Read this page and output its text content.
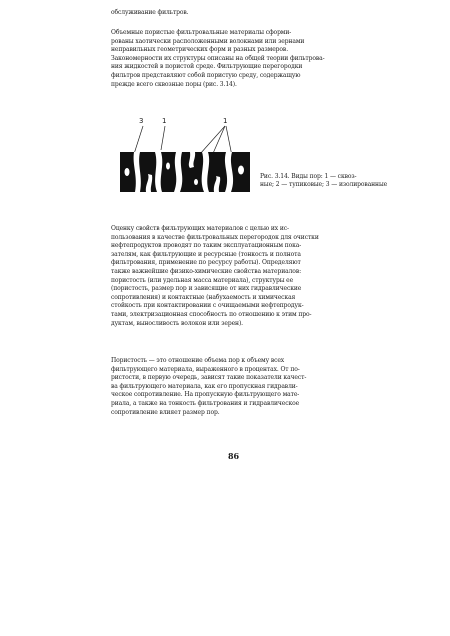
обслуживание фильтров.

Объемные пористые фильтровальные материалы сформи-

рованы хаотически расположенными волокнами или зернами

неправильных геометрических форм и разных размеров.

Закономерности их структуры описаны на общей теории фильтрова-

ния жидкостей в пористой среде. Фильтрующие перегородки

фильтров представляют собой пористую среду, содержащую

прежде всего сквозные поры (рис. 3.14).

3	1	1

Рис. 3.14. Виды пор: 1 — сквоз-

ные; 2 — тупиковые; 3 — изолированные

Оценку свойств фильтрующих материалов с целью их ис-

пользования в качестве фильтровальных перегородок для очистки

нефтепродуктов проводят по таким эксплуатационным пока-

зателям, как фильтрующие и ресурсные (тонкость и полнота

фильтрования, применение по ресурсу работы). Определяют

также важнейшие физико-химические свойства материалов:

пористость (или удельная масса материала), структуры ее

(пористость, размер пор и зависящие от них гидравлические

сопротивления) и контактные (набухаемость и химическая

стойкость при контактировании с очищаемыми нефтепродук-

тами, электризационная способность по отношению к этим про-

дуктам, выносливость волокон или зерен).

Пористость — это отношение объема пор к объему всех

фильтрующего материала, выраженного в процентах. От по-

ристости, в первую очередь, зависят такие показатели качест-

ва фильтрующего материала, как его пропускная гидравли-

ческое сопротивление. На пропускную фильтрующего мате-

риала, а также на тонкость фильтрования и гидравлическое

сопротивление влияет размер пор.

86
